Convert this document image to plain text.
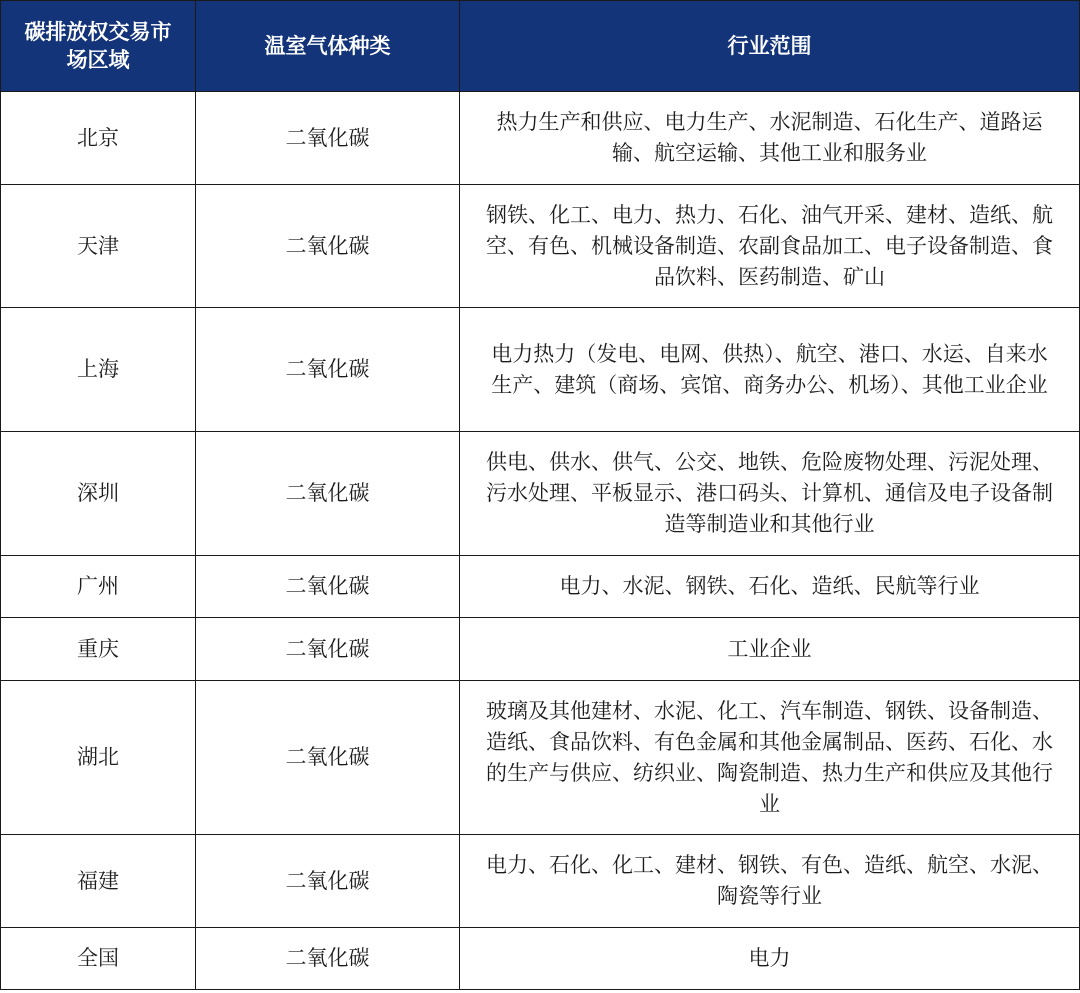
碳排放权交易市场区域	温室气体种类	行业范围
北京	二氧化碳	热力生产和供应、电力生产、水泥制造、石化生产、道路运输、航空运输、其他工业和服务业
天津	二氧化碳	钢铁、化工、电力、热力、石化、油气开采、建材、造纸、航空、有色、机械设备制造、农副食品加工、电子设备制造、食品饮料、医药制造、矿山
上海	二氧化碳	电力热力（发电、电网、供热）、航空、港口、水运、自来水生产、建筑（商场、宾馆、商务办公、机场）、其他工业企业
深圳	二氧化碳	供电、供水、供气、公交、地铁、危险废物处理、污泥处理、污水处理、平板显示、港口码头、计算机、通信及电子设备制造等制造业和其他行业
广州	二氧化碳	电力、水泥、钢铁、石化、造纸、民航等行业
重庆	二氧化碳	工业企业
湖北	二氧化碳	玻璃及其他建材、水泥、化工、汽车制造、钢铁、设备制造、造纸、食品饮料、有色金属和其他金属制品、医药、石化、水的生产与供应、纺织业、陶瓷制造、热力生产和供应及其他行业
福建	二氧化碳	电力、石化、化工、建材、钢铁、有色、造纸、航空、水泥、陶瓷等行业
全国	二氧化碳	电力
